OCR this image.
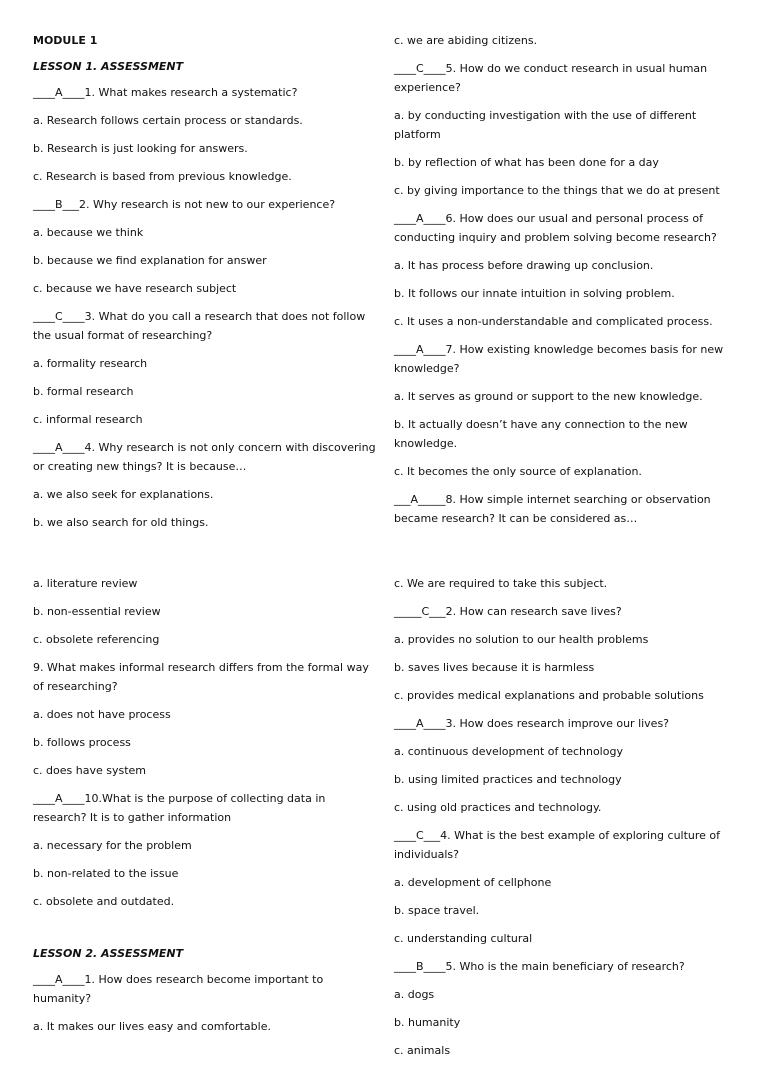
MODULE 1
LESSON 1. ASSESSMENT

____A____1. What makes research a systematic?

a. Research follows certain process or standards.

b. Research is just looking for answers.

c. Research is based from previous knowledge.

____B___2. Why research is not new to our experience?

a. because we think

b. because we find explanation for answer

c. because we have research subject

____C____3. What do you call a research that does not follow the usual format of researching?

a. formality research

b. formal research

c. informal research

____A____4. Why research is not only concern with discovering or creating new things? It is because…

a. we also seek for explanations.

b. we also search for old things.

c. we are abiding citizens.

____C____5. How do we conduct research in usual human experience?

a. by conducting investigation with the use of different platform

b. by reflection of what has been done for a day

c. by giving importance to the things that we do at present

____A____6. How does our usual and personal process of conducting inquiry and problem solving become research?

a. It has process before drawing up conclusion.

b. It follows our innate intuition in solving problem.

c. It uses a non-understandable and complicated process.

____A____7. How existing knowledge becomes basis for new knowledge?

a. It serves as ground or support to the new knowledge.

b. It actually doesn’t have any connection to the new knowledge.

c. It becomes the only source of explanation.

___A_____8. How simple internet searching or observation became research? It can be considered as…

a. literature review

b. non-essential review

c. obsolete referencing

9. What makes informal research differs from the formal way of researching?

a. does not have process

b. follows process

c. does have system

____A____10.What is the purpose of collecting data in research? It is to gather information

a. necessary for the problem

b. non-related to the issue

c. obsolete and outdated.

LESSON 2. ASSESSMENT

____A____1. How does research become important to humanity?

a. It makes our lives easy and comfortable.

c. We are required to take this subject.

_____C___2. How can research save lives?

a. provides no solution to our health problems

b. saves lives because it is harmless

c. provides medical explanations and probable solutions

____A____3. How does research improve our lives?

a. continuous development of technology

b. using limited practices and technology

c. using old practices and technology.

____C___4. What is the best example of exploring culture of individuals?

a. development of cellphone

b. space travel.

c. understanding cultural

____B____5. Who is the main beneficiary of research?

a. dogs

b. humanity

c. animals
